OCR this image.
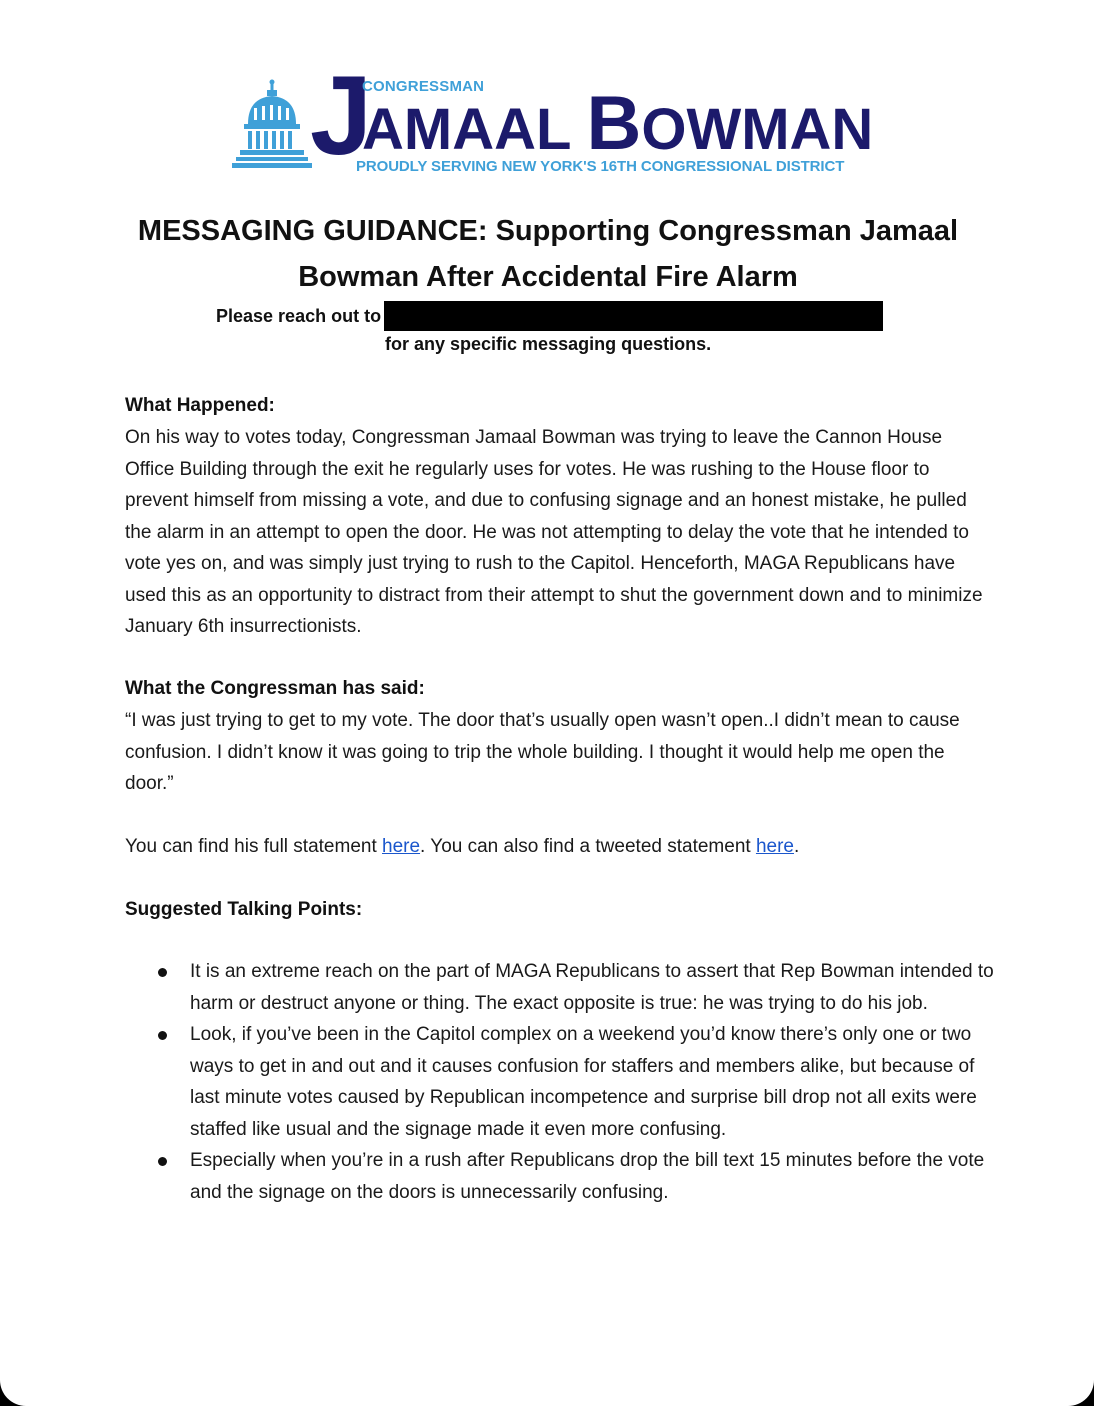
J
CONGRESSMAN
AMAAL BOWMAN
PROUDLY SERVING NEW YORK'S 16TH CONGRESSIONAL DISTRICT
MESSAGING GUIDANCE: Supporting Congressman Jamaal Bowman After Accidental Fire Alarm
Please reach out to
for any specific messaging questions.
What Happened:
On his way to votes today, Congressman Jamaal Bowman was trying to leave the Cannon House Office Building through the exit he regularly uses for votes. He was rushing to the House floor to prevent himself from missing a vote, and due to confusing signage and an honest mistake, he pulled the alarm in an attempt to open the door. He was not attempting to delay the vote that he intended to vote yes on, and was simply just trying to rush to the Capitol. Henceforth, MAGA Republicans have used this as an opportunity to distract from their attempt to shut the government down and to minimize January 6th insurrectionists.
What the Congressman has said:
“I was just trying to get to my vote. The door that’s usually open wasn’t open..I didn’t mean to cause confusion. I didn’t know it was going to trip the whole building. I thought it would help me open the door.”
You can find his full statement here. You can also find a tweeted statement here.
Suggested Talking Points:
It is an extreme reach on the part of MAGA Republicans to assert that Rep Bowman intended to harm or destruct anyone or thing. The exact opposite is true: he was trying to do his job.
Look, if you’ve been in the Capitol complex on a weekend you’d know there’s only one or two ways to get in and out and it causes confusion for staffers and members alike, but because of last minute votes caused by Republican incompetence and surprise bill drop not all exits were staffed like usual and the signage made it even more confusing.
Especially when you’re in a rush after Republicans drop the bill text 15 minutes before the vote and the signage on the doors is unnecessarily confusing.
